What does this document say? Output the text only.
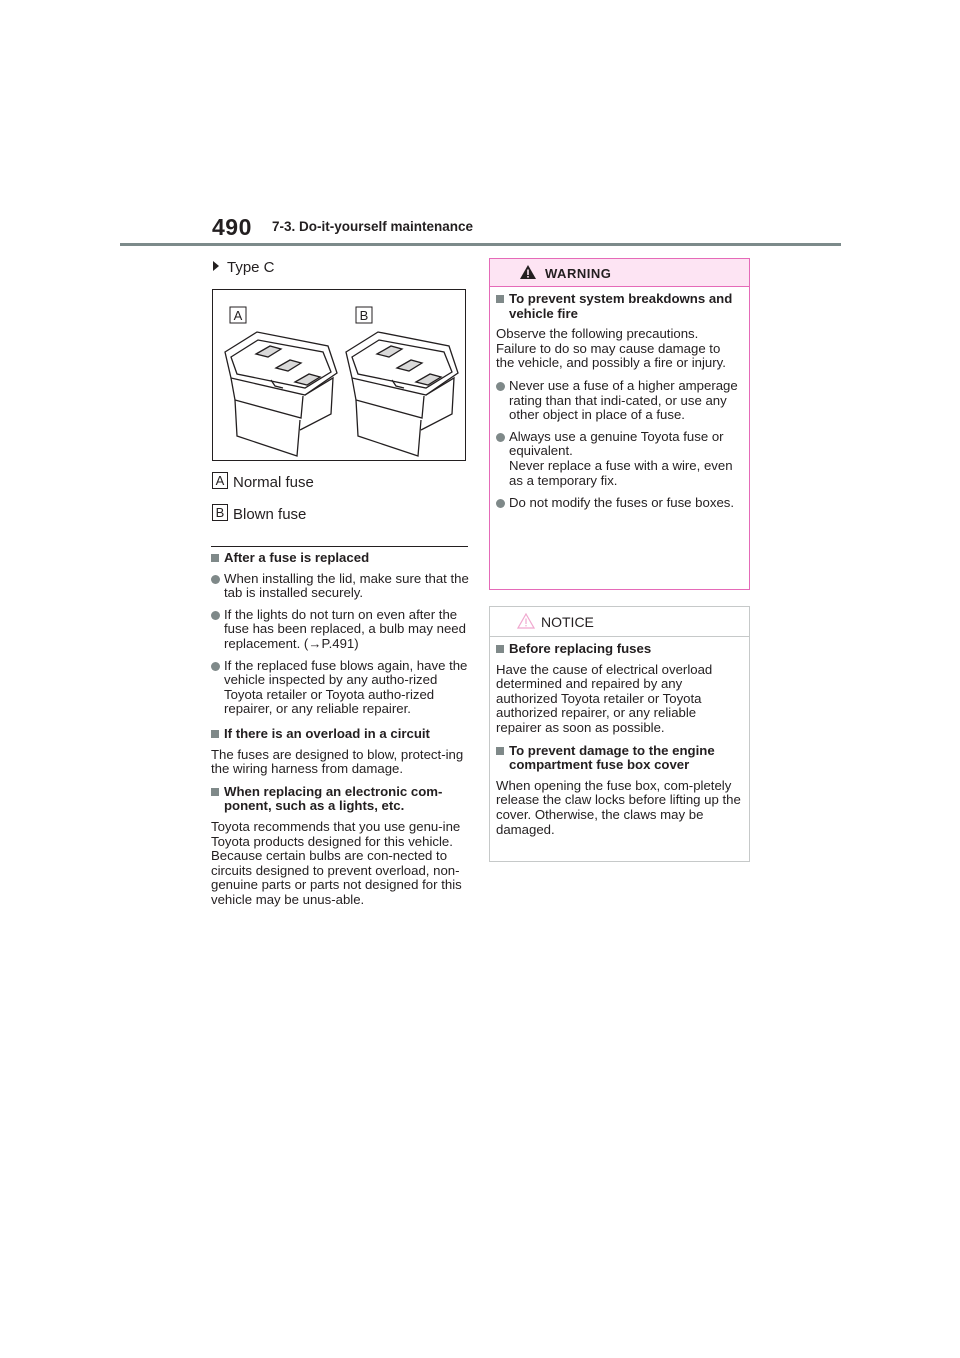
490 7-3. Do-it-yourself maintenance
Type C
A	B
A Normal fuse
B Blown fuse
After a fuse is replaced
When installing the lid, make sure that the tab is installed securely.
If the lights do not turn on even after the fuse has been replaced, a bulb may need replacement. (→P.491)
If the replaced fuse blows again, have the vehicle inspected by any autho-rized Toyota retailer or Toyota autho-rized repairer, or any reliable repairer.
If there is an overload in a circuit
The fuses are designed to blow, protect-ing the wiring harness from damage.
When replacing an electronic com-ponent, such as a lights, etc.
Toyota recommends that you use genu-ine Toyota products designed for this vehicle. Because certain bulbs are con-nected to circuits designed to prevent overload, non-genuine parts or parts not designed for this vehicle may be unus-able.
WARNING
To prevent system breakdowns and vehicle fire
Observe the following precautions. Failure to do so may cause damage to the vehicle, and possibly a fire or injury.
Never use a fuse of a higher amperage rating than that indi-cated, or use any other object in place of a fuse.
Always use a genuine Toyota fuse or equivalent.
Never replace a fuse with a wire, even as a temporary fix.
Do not modify the fuses or fuse boxes.
NOTICE
Before replacing fuses
Have the cause of electrical overload determined and repaired by any authorized Toyota retailer or Toyota authorized repairer, or any reliable repairer as soon as possible.
To prevent damage to the engine compartment fuse box cover
When opening the fuse box, com-pletely release the claw locks before lifting up the cover. Otherwise, the claws may be damaged.
